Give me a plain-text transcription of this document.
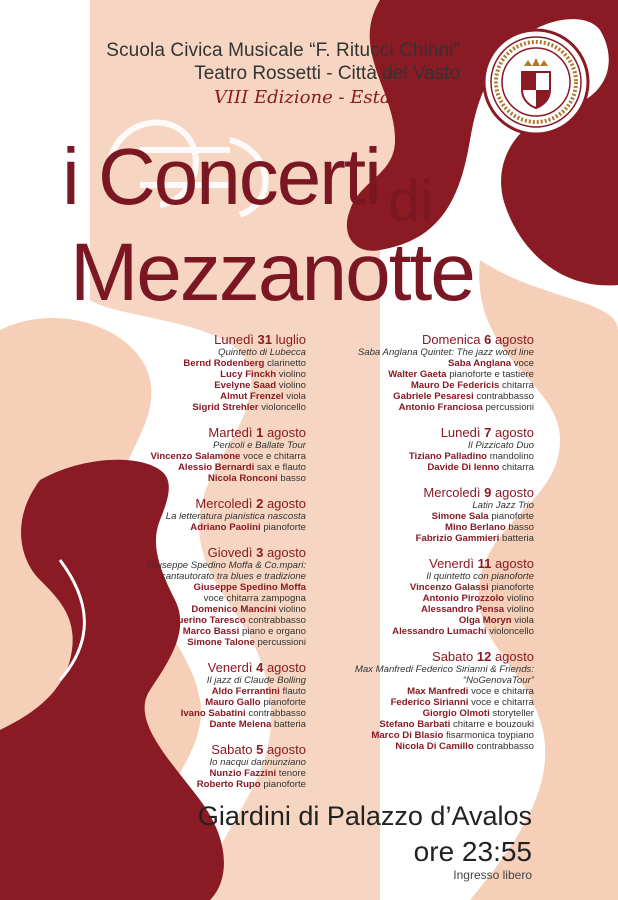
Scuola Civica Musicale “F. Ritucci Chinni”
Teatro Rossetti - Città del Vasto
VIII Edizione - Estate 2017
i Concerti di
Mezzanotte
Lunedì 31 luglio
Quintetto di Lubecca
Bernd Rodenberg clarinetto
Lucy Finckh violino
Evelyne Saad violino
Almut Frenzel viola
Sigrid Strehler violoncello
Martedì 1 agosto
Pericoli e Ballate Tour
Vincenzo Salamone voce e chitarra
Alessio Bernardi sax e flauto
Nicola Ronconi basso
Mercoledì 2 agosto
La letteratura pianistica nascosta
Adriano Paolini pianoforte
Giovedì 3 agosto
Giuseppe Spedino Moffa & Co.mpari: cantautorato tra blues e tradizione
Giuseppe Spedino Moffa
voce chitarra zampogna
Domenico Mancini violino
Guerino Taresco contrabbasso
Marco Bassi piano e organo
Simone Talone percussioni
Venerdì 4 agosto
Il jazz di Claude Bolling
Aldo Ferrantini flauto
Mauro Gallo pianoforte
Ivano Sabatini contrabbasso
Dante Melena batteria
Sabato 5 agosto
Io nacqui dannunziano
Nunzio Fazzini tenore
Roberto Rupo pianoforte
Domenica 6 agosto
Saba Anglana Quintet: The jazz word line
Saba Anglana voce
Walter Gaeta pianoforte e tastiere
Mauro De Federicis chitarra
Gabriele Pesaresi contrabbasso
Antonio Franciosa percussioni
Lunedì 7 agosto
Il Pizzicato Duo
Tiziano Palladino mandolino
Davide Di Ienno chitarra
Mercoledì 9 agosto
Latin Jazz Trio
Simone Sala pianoforte
Mino Berlano basso
Fabrizio Gammieri batteria
Venerdì 11 agosto
Il quintetto con pianoforte
Vincenzo Galassi pianoforte
Antonio Pirozzolo violino
Alessandro Pensa violino
Olga Moryn viola
Alessandro Lumachi violoncello
Sabato 12 agosto
Max Manfredi Federico Sirianni & Friends: “NoGenovaTour”
Max Manfredi voce e chitarra
Federico Sirianni voce e chitarra
Giorgio Olmoti storyteller
Stefano Barbati chitarre e bouzouki
Marco Di Blasio fisarmonica toypiano
Nicola Di Camillo contrabbasso
Giardini di Palazzo d’Avalos
ore 23:55
Ingresso libero
